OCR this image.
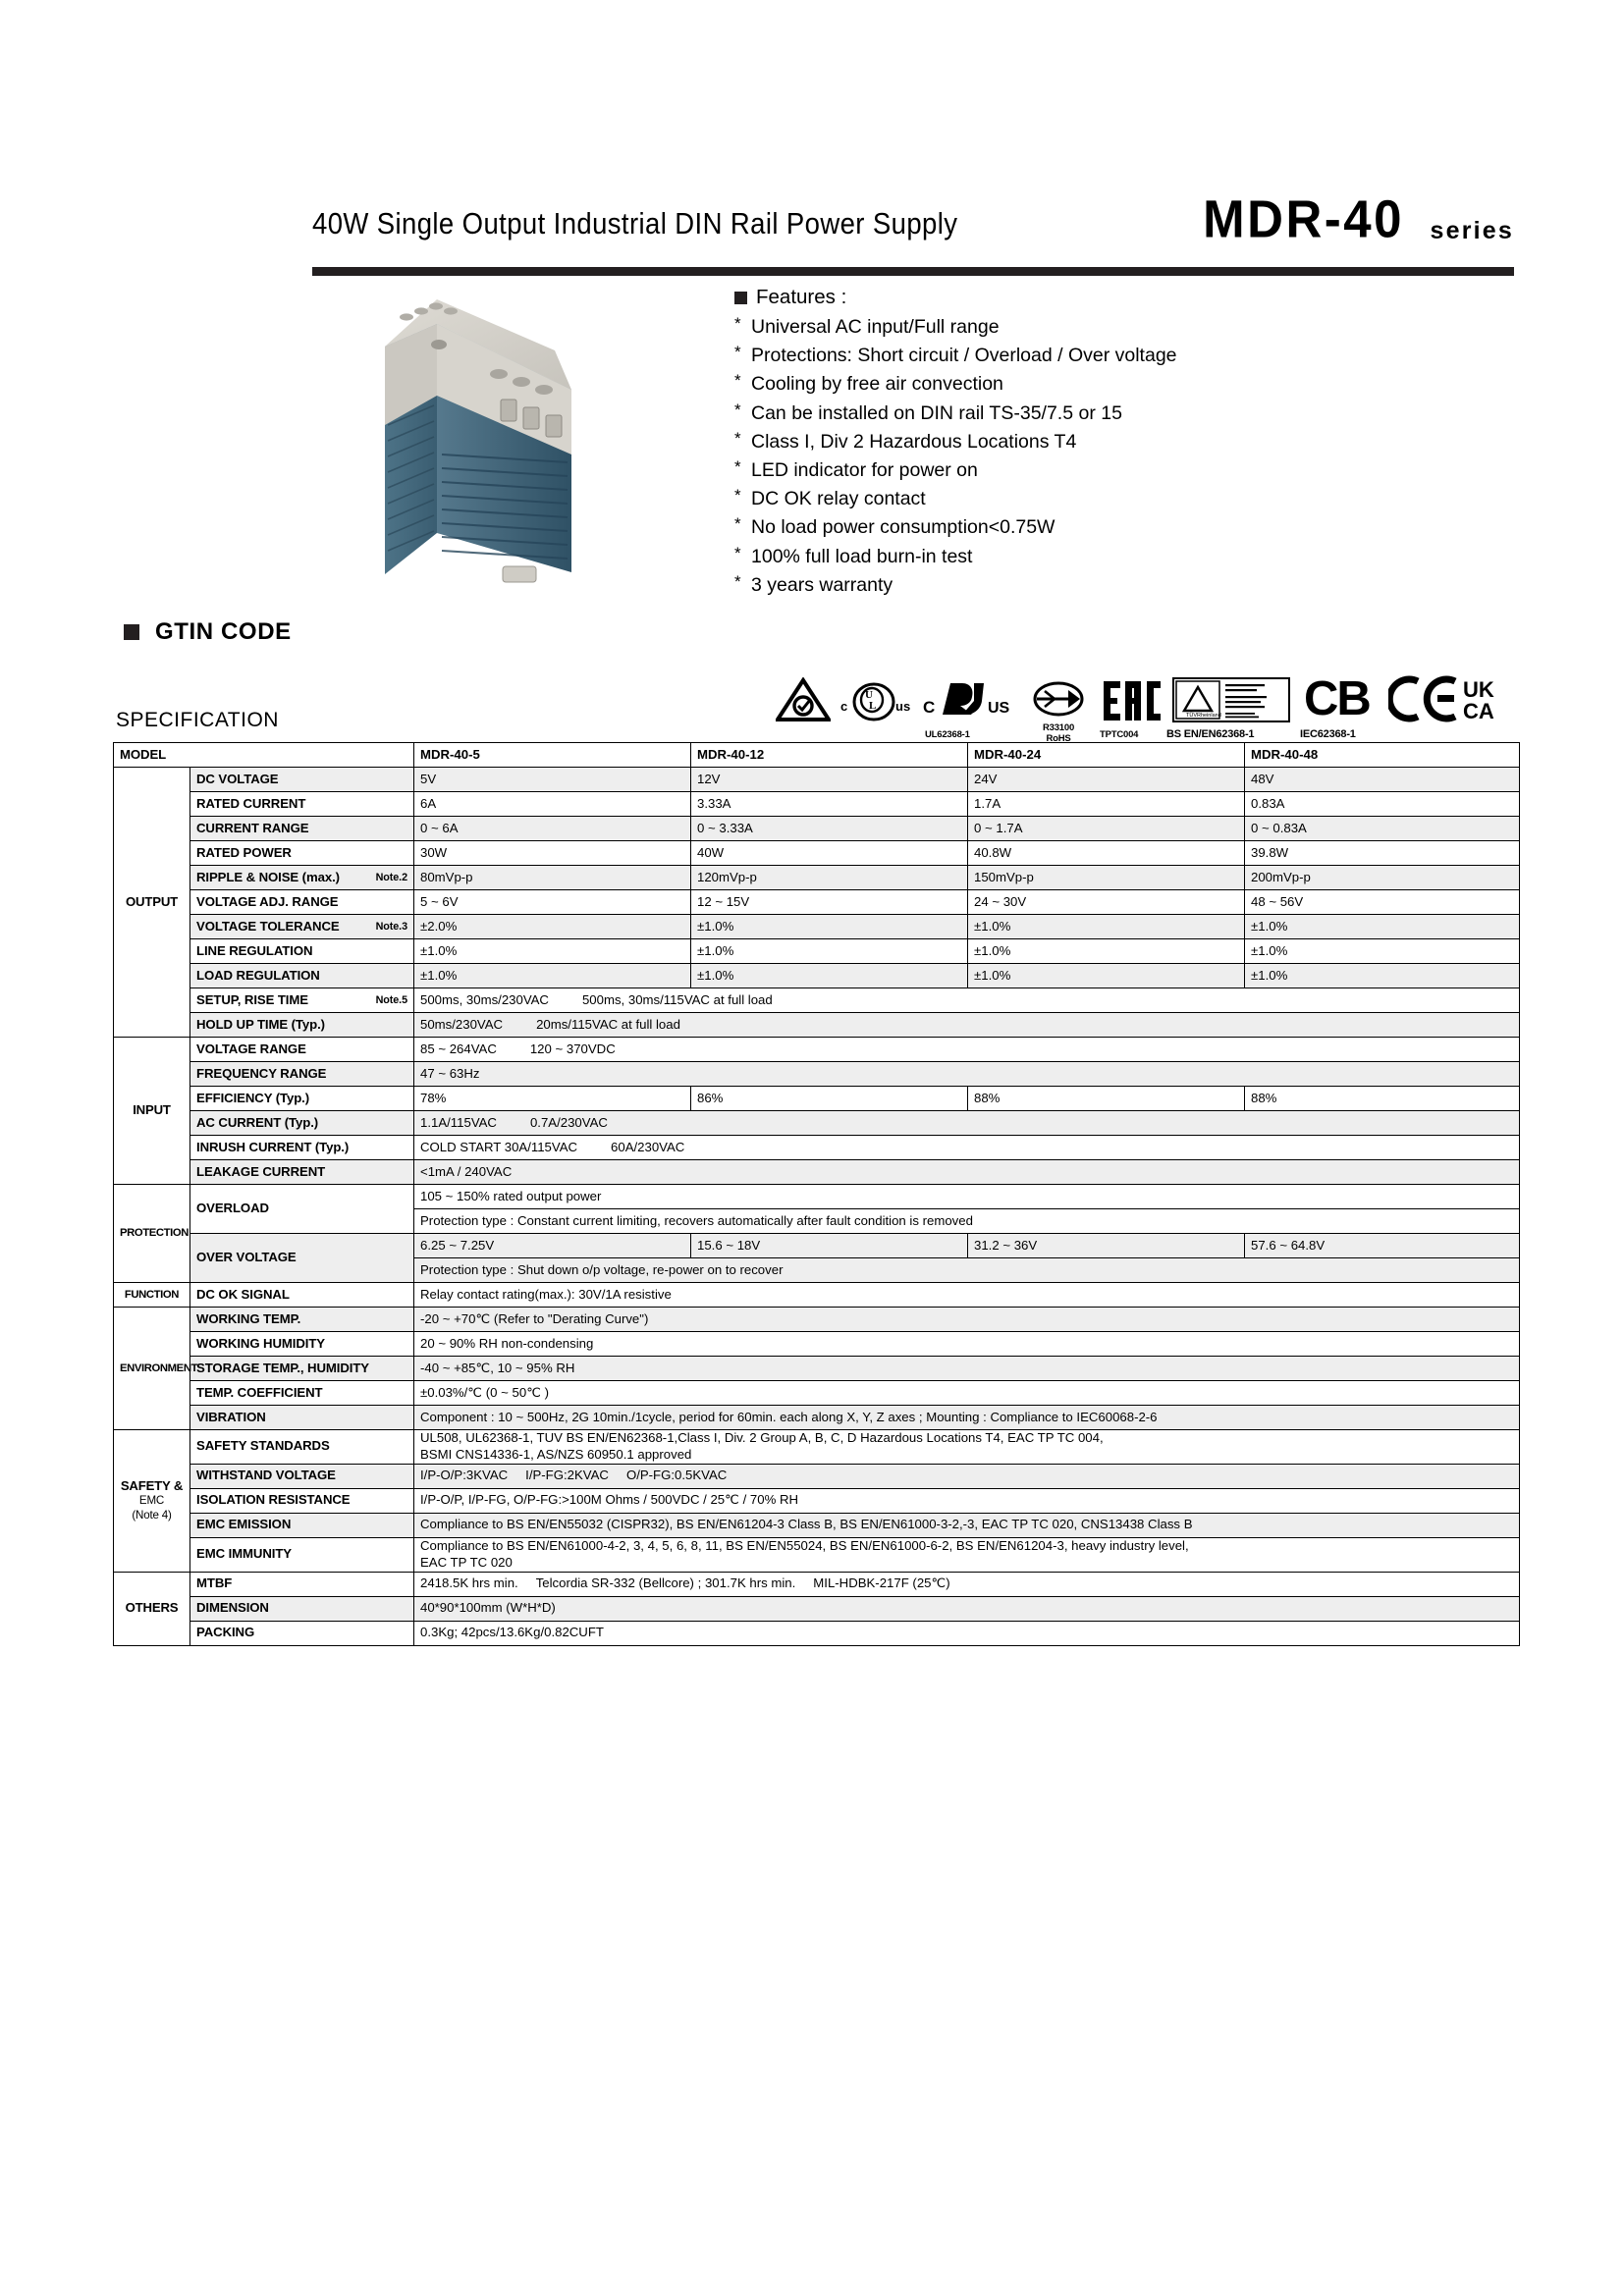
40W Single Output Industrial DIN Rail Power Supply	MDR-40 series
Features :
* Universal AC input/Full range
* Protections: Short circuit / Overload / Over voltage
* Cooling by free air convection
* Can be installed on DIN rail TS-35/7.5 or 15
* Class I, Div 2 Hazardous Locations T4
* LED indicator for power on
* DC OK relay contact
* No load power consumption<0.75W
* 100% full load burn-in test
* 3 years warranty
GTIN CODE
c
U
L us C	US
UL62368-1
R33100
RoHS	TPTC004
TÜVRheinland
BS EN/EN62368-1
CB
IEC62368-1
UK
CA
SPECIFICATION
MODEL		MDR-40-5	MDR-40-12	MDR-40-24	MDR-40-48
OUTPUT	DC VOLTAGE	5V	12V	24V	48V
	RATED CURRENT	6A	3.33A	1.7A	0.83A
	CURRENT RANGE	0 ~ 6A	0 ~ 3.33A	0 ~ 1.7A	0 ~ 0.83A
	RATED POWER	30W	40W	40.8W	39.8W
	RIPPLE & NOISE (max.) Note.2	80mVp-p	120mVp-p	150mVp-p	200mVp-p
	VOLTAGE ADJ. RANGE	5 ~ 6V	12 ~ 15V	24 ~ 30V	48 ~ 56V
	VOLTAGE TOLERANCE Note.3	±2.0%	±1.0%	±1.0%	±1.0%
	LINE REGULATION	±1.0%	±1.0%	±1.0%	±1.0%
	LOAD REGULATION	±1.0%	±1.0%	±1.0%	±1.0%
	SETUP, RISE TIME Note.5	500ms, 30ms/230VAC 500ms, 30ms/115VAC at full load			
	HOLD UP TIME (Typ.)	50ms/230VAC 20ms/115VAC at full load			
INPUT	VOLTAGE RANGE	85 ~ 264VAC 120 ~ 370VDC			
	FREQUENCY RANGE	47 ~ 63Hz			
	EFFICIENCY (Typ.)	78%	86%	88%	88%
	AC CURRENT (Typ.)	1.1A/115VAC 0.7A/230VAC			
	INRUSH CURRENT (Typ.)	COLD START 30A/115VAC 60A/230VAC			
	LEAKAGE CURRENT	<1mA / 240VAC			
PROTECTION	OVERLOAD	105 ~ 150% rated output power			
		Protection type : Constant current limiting, recovers automatically after fault condition is removed			
	OVER VOLTAGE	6.25 ~ 7.25V	15.6 ~ 18V	31.2 ~ 36V	57.6 ~ 64.8V
		Protection type : Shut down o/p voltage, re-power on to recover			
FUNCTION	DC OK SIGNAL	Relay contact rating(max.): 30V/1A resistive			
ENVIRONMENT	WORKING TEMP.	-20 ~ +70℃ (Refer to "Derating Curve")			
	WORKING HUMIDITY	20 ~ 90% RH non-condensing			
	STORAGE TEMP., HUMIDITY	-40 ~ +85℃, 10 ~ 95% RH			
	TEMP. COEFFICIENT	±0.03%/℃ (0 ~ 50℃ )			
	VIBRATION	Component : 10 ~ 500Hz, 2G 10min./1cycle, period for 60min. each along X, Y, Z axes ; Mounting : Compliance to IEC60068-2-6			
SAFETY &
EMC
(Note 4)	SAFETY STANDARDS	UL508, UL62368-1, TUV BS EN/EN62368-1,Class I, Div. 2 Group A, B, C, D Hazardous Locations T4, EAC TP TC 004,
BSMI CNS14336-1, AS/NZS 60950.1 approved			
	WITHSTAND VOLTAGE	I/P-O/P:3KVAC I/P-FG:2KVAC O/P-FG:0.5KVAC			
	ISOLATION RESISTANCE	I/P-O/P, I/P-FG, O/P-FG:>100M Ohms / 500VDC / 25℃ / 70% RH			
	EMC EMISSION	Compliance to BS EN/EN55032 (CISPR32), BS EN/EN61204-3 Class B, BS EN/EN61000-3-2,-3, EAC TP TC 020, CNS13438 Class B			
	EMC IMMUNITY	Compliance to BS EN/EN61000-4-2, 3, 4, 5, 6, 8, 11, BS EN/EN55024, BS EN/EN61000-6-2, BS EN/EN61204-3, heavy industry level,
EAC TP TC 020			
OTHERS	MTBF	2418.5K hrs min. Telcordia SR-332 (Bellcore) ; 301.7K hrs min. MIL-HDBK-217F (25℃)			
	DIMENSION	40*90*100mm (W*H*D)			
	PACKING	0.3Kg; 42pcs/13.6Kg/0.82CUFT			
